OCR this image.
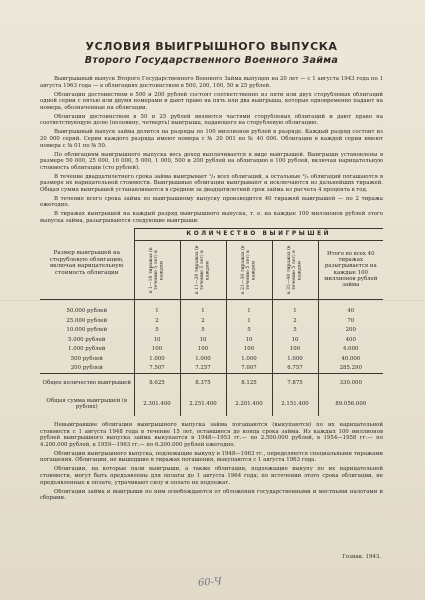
УСЛОВИЯ ВЫИГРЫШНОГО ВЫПУСКА
Второго Государственного Военного Займа

Выигрышный выпуск Второго Государственного Военного Займа выпущен на 20 лет — с 1 августа 1943 года по 1 августа 1963 года — в облигациях достоинством в 500, 200, 100, 50 и 25 рублей.

Облигации достоинством в 500 и 200 рублей состоят соответственно из пяти или двух сторублевых облигаций одной серии с пятью или двумя номерами и дают право на пять или два выигрыша, которые одновременно падают на номера, обозначенные на облигации.

Облигации достоинством в 50 и 25 рублей являются частями сторублевых облигаций и дают право на соответствующую долю (половину, четверть) выигрыша, падающего на сторублевую облигацию.

Выигрышный выпуск займа делится на разряды по 100 миллионов рублей в разряде. Каждый разряд состоит из 20 000 серий. Серии каждого разряда имеют номера с № 20 001 по № 40 000. Облигации в каждой серии имеют номера с № 01 по № 50.

По облигациям выигрышного выпуска весь доход выплачивается в виде выигрышей. Выигрыши установлены в размере 50 000, 25 000, 10 000, 5 000, 1 000, 500 и 200 рублей на облигацию в 100 рублей, включая нарицательную стоимость облигации (сто рублей).

В течение двадцатилетнего срока займа выигрывает ¹/₃ всех облигаций, а остальные ²/₃ облигаций погашаются в размере их нарицательной стоимости. Выигрышные облигации выигрывают и исключаются из дальнейших тиражей. Общая сумма выигрышей устанавливается в среднем за двадцатилетний срок займа из расчета 4 процента в год.

В течение всего срока займа по выигрышному выпуску производится 40 тиражей выигрышей — по 2 тиража ежегодно.

В тиражах выигрышей на каждый разряд выигрышного выпуска, т. е. на каждые 100 миллионов рублей этого выпуска займа, разыгрываются следующие выигрыши:

Размер выигрышей на сторублевую облигацию, включая нарицательную стоимость облигации	КОЛИЧЕСТВО ВЫИГРЫШЕЙ				

	в 1—10 тиражах (в течение 5 лет) в каждом	в 11—20 тиражах (в течение 5 лет) в каждом	в 21—30 тиражах (в течение 5 лет) в каждом	в 31—40 тиражах (в течение 5 лет) в каждом	Итого во всех 40 тиражах разыгрывается на каждые 100 миллионов рублей займа

50.000 рублей	1	1	1	1	40
25.000 рублей	2	2	1	2	70
10.000 рублей	5	5	5	5	200
5.000 рублей	10	10	10	10	400
1.000 рублей	100	100	100	100	4.000
500 рублей	1.000	1.000	1.000	1.000	40.000
200 рублей	7.507	7.257	7.007	6.757	285.290
Общее количество выигрышей	8.625	8.375	8.125	7.875	330.000
Общая сумма выигрышей (в рублях)	2.301.400	2.251.400	2.201.400	2.151.400	89.056.000

Невыигравшие облигации выигрышного выпуска займа погашаются (выкупаются) по их нарицательной стоимости с 1 августа 1948 года в течение 15 лет, оставшиеся до конца срока займа. Из каждых 100 миллионов рублей выигрышного выпуска займа выкупается в 1948—1953 гг.— по 2.500.000 рублей, в 1954—1958 гг.— по 4.200.000 рублей, в 1959—1963 гг.— по 6.200.000 рублей ежегодно.

Облигации выигрышного выпуска, подлежащие выкупу в 1948—1963 гг., определяются специальными тиражами погашения. Облигации, не вышедшие в тиражах погашения, выкупаются с 1 августа 1963 года.

Облигации, на которые пали выигрыши, а также облигации, подлежащие выкупу по их нарицательной стоимости, могут быть предъявлены для оплаты до 1 августа 1964 года; по истечении этого срока облигации, не предъявленные к оплате, утрачивают силу и оплате не подлежат.

Облигации займа и выигрыши по ним освобождаются от обложения государственными и местными налогами и сборами.

Гознак. 1943.
60-Ч
